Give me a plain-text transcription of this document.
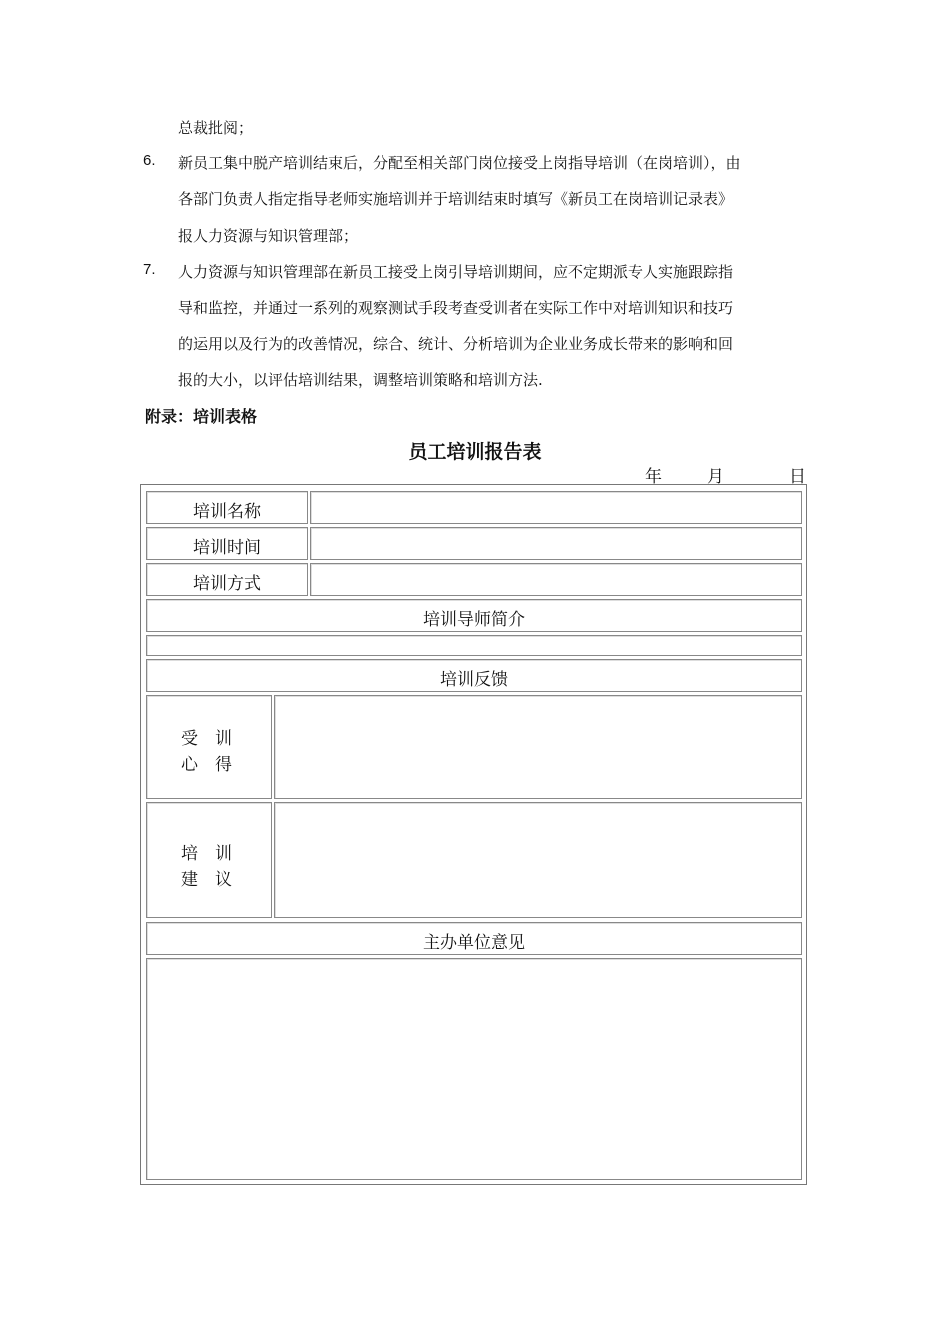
总裁批阅；
6. 新员工集中脱产培训结束后，分配至相关部门岗位接受上岗指导培训（在岗培训），由
各部门负责人指定指导老师实施培训并于培训结束时填写《新员工在岗培训记录表》
报人力资源与知识管理部；
7. 人力资源与知识管理部在新员工接受上岗引导培训期间，应不定期派专人实施跟踪指
导和监控，并通过一系列的观察测试手段考查受训者在实际工作中对培训知识和技巧
的运用以及行为的改善情况，综合、统计、分析培训为企业业务成长带来的影响和回
报的大小，以评估培训结果，调整培训策略和培训方法.
附录：培训表格
员工培训报告表
年	月	日
培训名称
培训时间
培训方式
培训导师简介
培训反馈
受　训
心　得
培　训
建　议
主办单位意见
